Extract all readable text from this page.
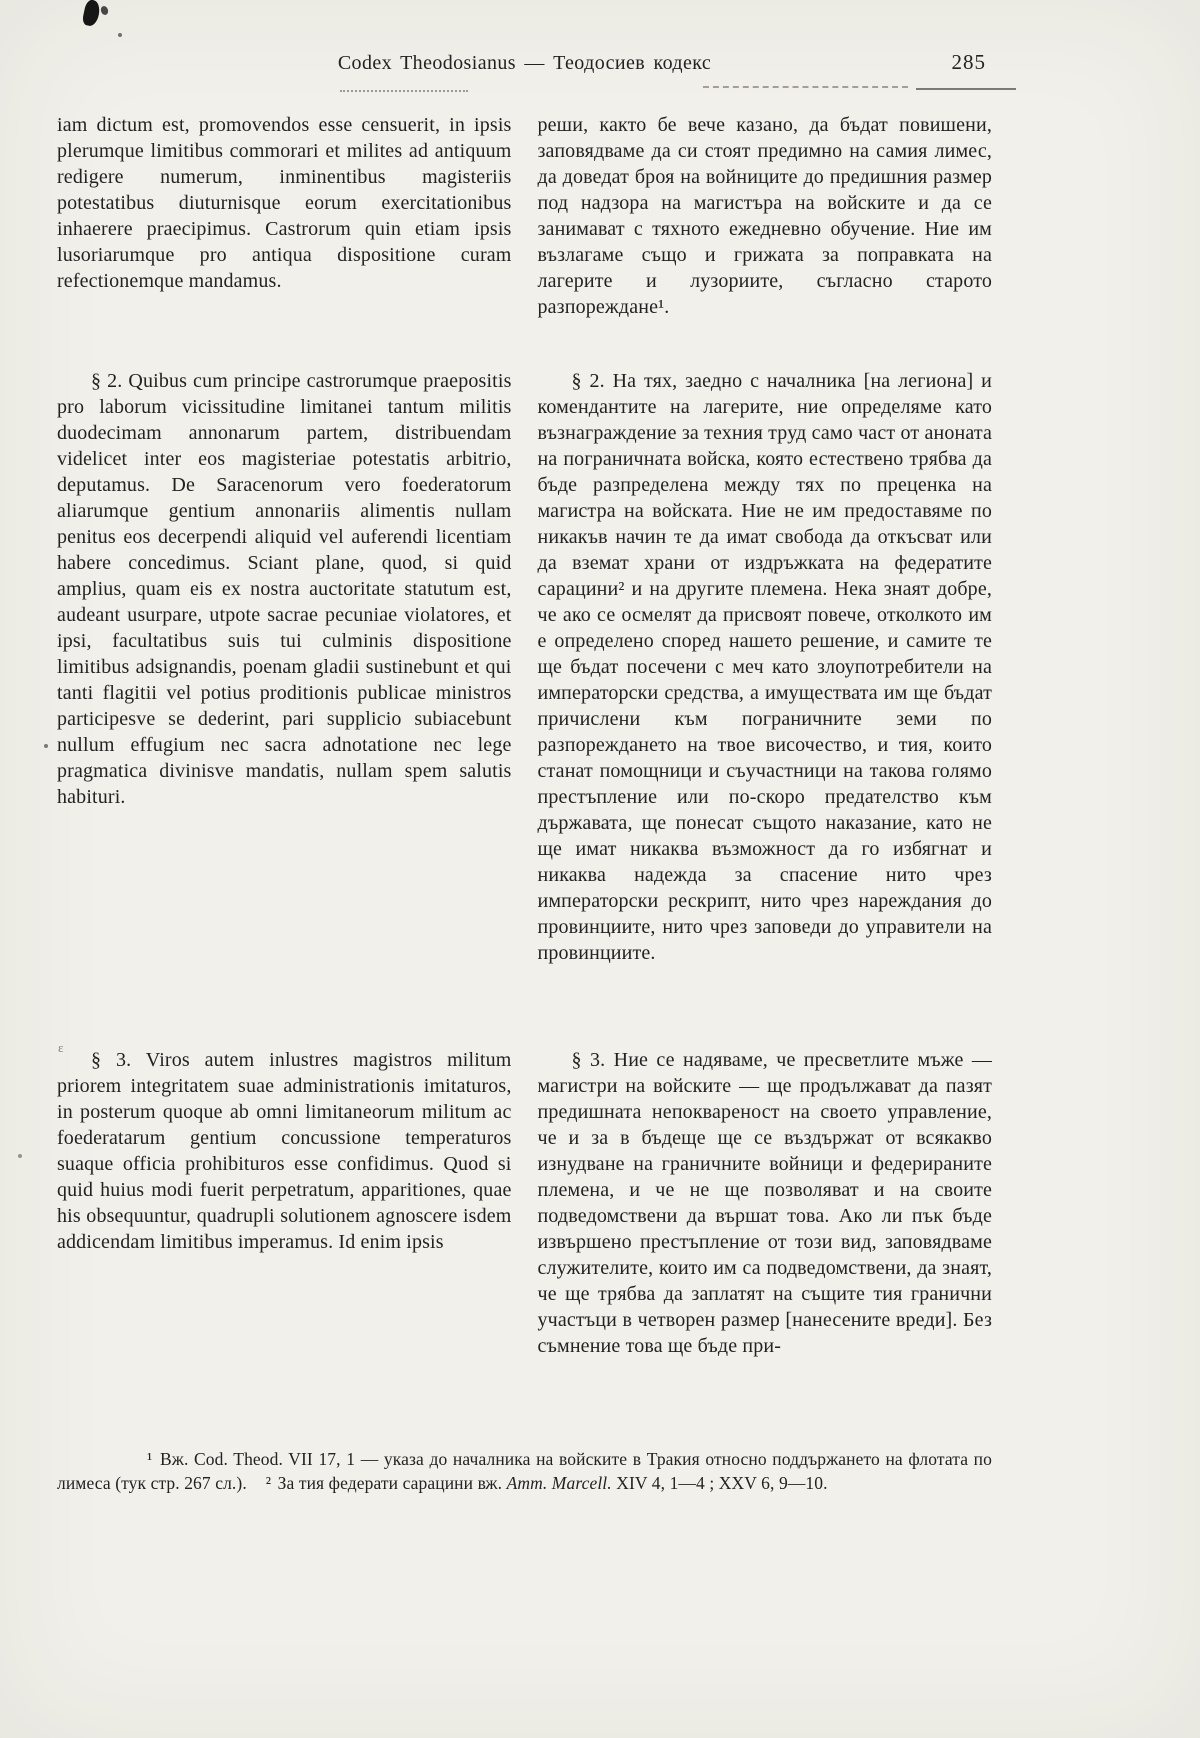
ε
Codex Theodosianus — Теодосиев кодекс	285

iam dictum est, promovendos esse censuerit, in ipsis plerumque limitibus commorari et milites ad antiquum redigere numerum, inminentibus magisteriis potestatibus diuturnisque eorum exercitationibus inhaerere praecipimus. Castrorum quin etiam ipsis lusoriarumque pro antiqua dispositione curam refectionemque mandamus.

§ 2. Quibus cum principe castrorumque praepositis pro laborum vicissitudine limitanei tantum militis duodecimam annonarum partem, distribuendam videlicet inter eos magisteriae potestatis arbitrio, deputamus. De Saracenorum vero foederatorum aliarumque gentium annonariis alimentis nullam penitus eos decerpendi aliquid vel auferendi licentiam habere concedimus. Sciant plane, quod, si quid amplius, quam eis ex nostra auctoritate statutum est, audeant usurpare, utpote sacrae pecuniae violatores, et ipsi, facultatibus suis tui culminis dispositione limitibus adsignandis, poenam gladii sustinebunt et qui tanti flagitii vel potius proditionis publicae ministros participesve se dederint, pari supplicio subiacebunt nullum effugium nec sacra adnotatione nec lege pragmatica divinisve mandatis, nullam spem salutis habituri.

§ 3. Viros autem inlustres magistros militum priorem integritatem suae administrationis imitaturos, in posterum quoque ab omni limitaneorum militum ac foederatarum gentium concussione temperaturos suaque officia prohibituros esse confidimus. Quod si quid huius modi fuerit perpetratum, apparitiones, quae his obsequuntur, quadrupli solutionem agnoscere isdem addicendam limitibus imperamus. Id enim ipsis

реши, както бе вече казано, да бъдат повишени, заповядваме да си стоят предимно на самия лимес, да доведат броя на войниците до предишния размер под надзора на магистъра на войските и да се занимават с тяхното ежедневно обучение. Ние им възлагаме също и грижата за поправката на лагерите и лузориите, съгласно старото разпореждане¹.

§ 2. На тях, заедно с началника [на легиона] и комендантите на лагерите, ние определяме като възнаграждение за техния труд само част от аноната на пограничната войска, която естествено трябва да бъде разпределена между тях по преценка на магистра на войската. Ние не им предоставяме по никакъв начин те да имат свобода да откъсват или да вземат храни от издръжката на федератите сарацини² и на другите племена. Нека знаят добре, че ако се осмелят да присвоят повече, отколкото им е определено според нашето решение, и самите те ще бъдат посечени с меч като злоупотребители на императорски средства, а имуществата им ще бъдат причислени към пограничните земи по разпореждането на твое височество, и тия, които станат помощници и съучастници на такова голямо престъпление или по-скоро предателство към държавата, ще понесат същото наказание, като не ще имат никаква възможност да го избягнат и никаква надежда за спасение нито чрез императорски рескрипт, нито чрез нареждания до провинциите, нито чрез заповеди до управители на провинциите.

§ 3. Ние се надяваме, че пресветлите мъже — магистри на войските — ще продължават да пазят предишната непоквареност на своето управление, че и за в бъдеще ще се въздържат от всякакво изнудване на граничните войници и федерираните племена, и че не ще позволяват и на своите подведомствени да вършат това. Ако ли пък бъде извършено престъпление от този вид, заповядваме служителите, които им са подведомствени, да знаят, че ще трябва да заплатят на същите тия гранични участъци в четворен размер [нанесените вреди]. Без съмнение това ще бъде при-

¹ Вж. Cod. Theod. VII 17, 1 — указа до началника на войските в Тракия относно поддържането на флотата по лимеса (тук стр. 267 сл.). ² За тия федерати сарацини вж. Amm. Marcell. XIV 4, 1—4 ; XXV 6, 9—10.
